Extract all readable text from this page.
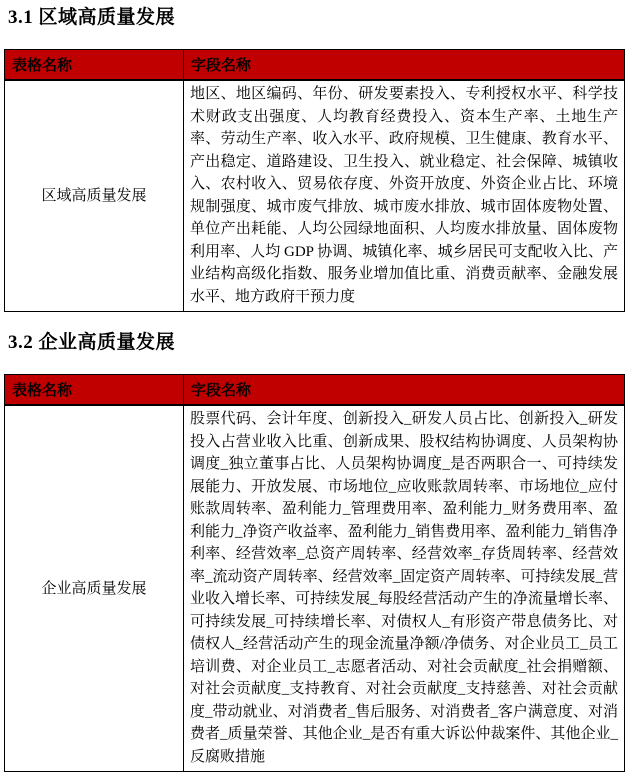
3.1 区域高质量发展
表格名称	字段名称
区域高质量发展	地区、地区编码、年份、研发要素投入、专利授权水平、科学技术财政支出强度、人均教育经费投入、资本生产率、土地生产率、劳动生产率、收入水平、政府规模、卫生健康、教育水平、产出稳定、道路建设、卫生投入、就业稳定、社会保障、城镇收入、农村收入、贸易依存度、外资开放度、外资企业占比、环境规制强度、城市废气排放、城市废水排放、城市固体废物处置、单位产出耗能、人均公园绿地面积、人均废水排放量、固体废物利用率、人均 GDP 协调、城镇化率、城乡居民可支配收入比、产业结构高级化指数、服务业增加值比重、消费贡献率、金融发展水平、地方政府干预力度
3.2 企业高质量发展
表格名称	字段名称
企业高质量发展	股票代码、会计年度、创新投入_研发人员占比、创新投入_研发投入占营业收入比重、创新成果、股权结构协调度、人员架构协调度_独立董事占比、人员架构协调度_是否两职合一、可持续发展能力、开放发展、市场地位_应收账款周转率、市场地位_应付账款周转率、盈利能力_管理费用率、盈利能力_财务费用率、盈利能力_净资产收益率、盈利能力_销售费用率、盈利能力_销售净利率、经营效率_总资产周转率、经营效率_存货周转率、经营效率_流动资产周转率、经营效率_固定资产周转率、可持续发展_营业收入增长率、可持续发展_每股经营活动产生的净流量增长率、可持续发展_可持续增长率、对债权人_有形资产带息债务比、对债权人_经营活动产生的现金流量净额/净债务、对企业员工_员工培训费、对企业员工_志愿者活动、对社会贡献度_社会捐赠额、对社会贡献度_支持教育、对社会贡献度_支持慈善、对社会贡献度_带动就业、对消费者_售后服务、对消费者_客户满意度、对消费者_质量荣誉、其他企业_是否有重大诉讼仲裁案件、其他企业_反腐败措施
